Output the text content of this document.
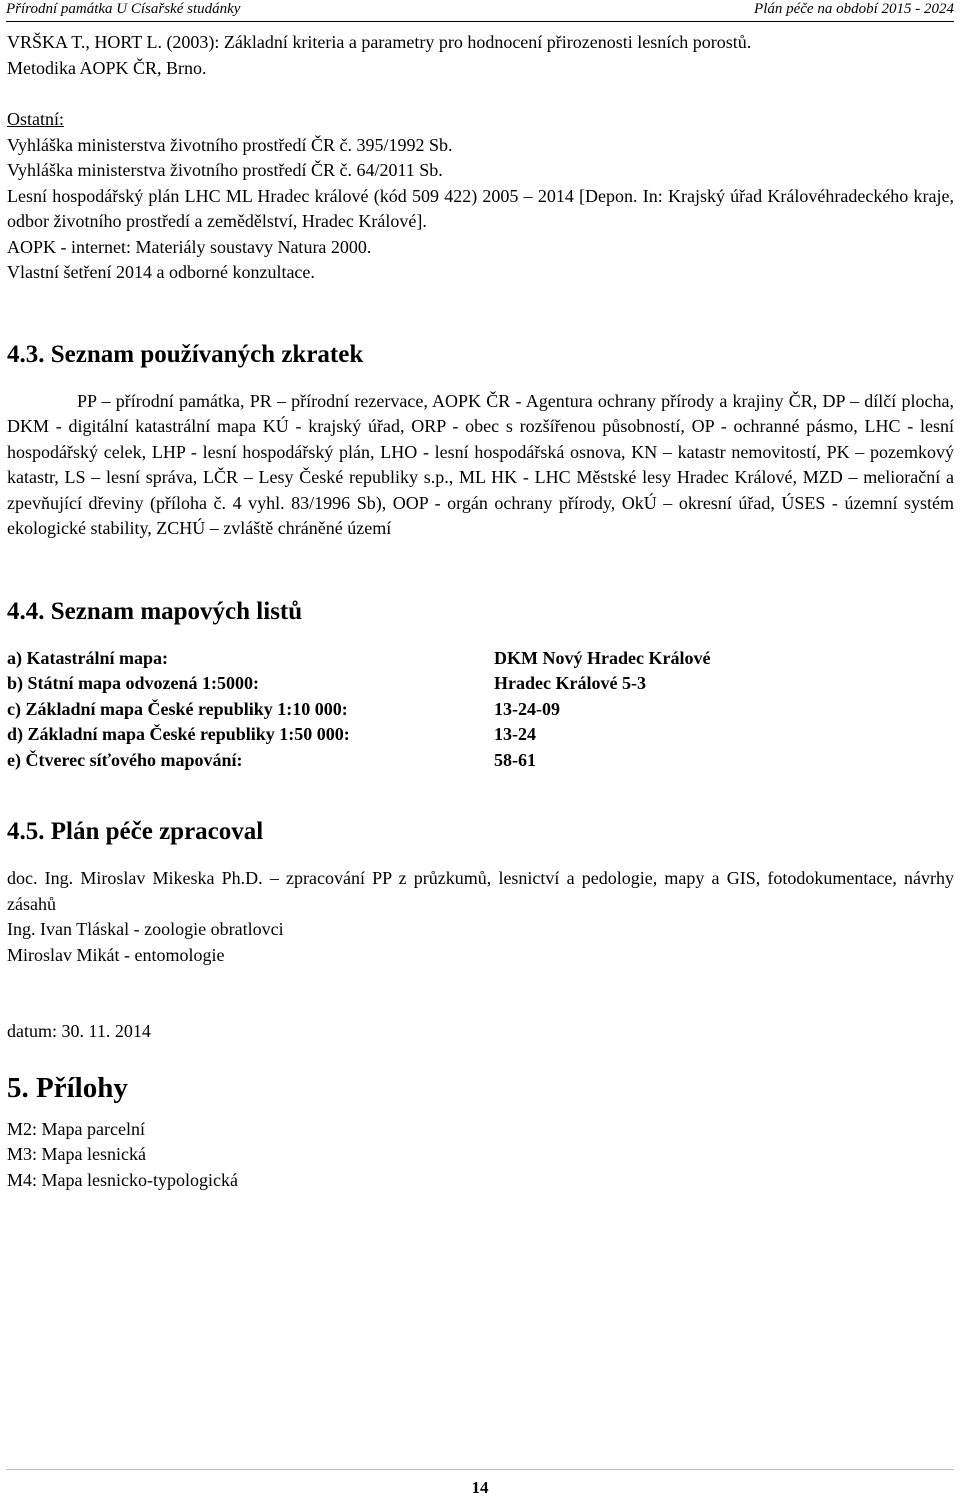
Přírodní památka U Císařské studánky	Plán péče na období 2015 - 2024

VRŠKA T., HORT L. (2003): Základní kriteria a parametry pro hodnocení přirozenosti lesních porostů.

Metodika AOPK ČR, Brno.

Ostatní:

Vyhláška ministerstva životního prostředí ČR č. 395/1992 Sb.

Vyhláška ministerstva životního prostředí ČR č. 64/2011 Sb.

Lesní hospodářský plán LHC ML Hradec králové (kód 509 422) 2005 – 2014 [Depon. In: Krajský úřad Královéhradeckého kraje, odbor životního prostředí a zemědělství, Hradec Králové].

AOPK - internet: Materiály soustavy Natura 2000.

Vlastní šetření 2014 a odborné konzultace.

4.3. Seznam používaných zkratek

PP – přírodní památka, PR – přírodní rezervace, AOPK ČR - Agentura ochrany přírody a krajiny ČR, DP – dílčí plocha, DKM - digitální katastrální mapa KÚ - krajský úřad, ORP - obec s rozšířenou působností, OP - ochranné pásmo, LHC - lesní hospodářský celek, LHP - lesní hospodářský plán, LHO - lesní hospodářská osnova, KN – katastr nemovitostí, PK – pozemkový katastr, LS – lesní správa, LČR – Lesy České republiky s.p., ML HK - LHC Městské lesy Hradec Králové, MZD – meliorační a zpevňující dřeviny (příloha č. 4 vyhl. 83/1996 Sb), OOP - orgán ochrany přírody, OkÚ – okresní úřad, ÚSES - územní systém ekologické stability, ZCHÚ – zvláště chráněné území

4.4. Seznam mapových listů
a) Katastrální mapa:	DKM Nový Hradec Králové
b) Státní mapa odvozená 1:5000:	Hradec Králové 5-3
c) Základní mapa České republiky 1:10 000:	13-24-09
d) Základní mapa České republiky 1:50 000:	13-24
e) Čtverec síťového mapování:	58-61
4.5. Plán péče zpracoval

doc. Ing. Miroslav Mikeska Ph.D. – zpracování PP z průzkumů, lesnictví a pedologie, mapy a GIS, fotodokumentace, návrhy zásahů

Ing. Ivan Tláskal - zoologie obratlovci

Miroslav Mikát - entomologie

datum: 30. 11. 2014

5. Přílohy

M2: Mapa parcelní

M3: Mapa lesnická

M4: Mapa lesnicko-typologická

14
